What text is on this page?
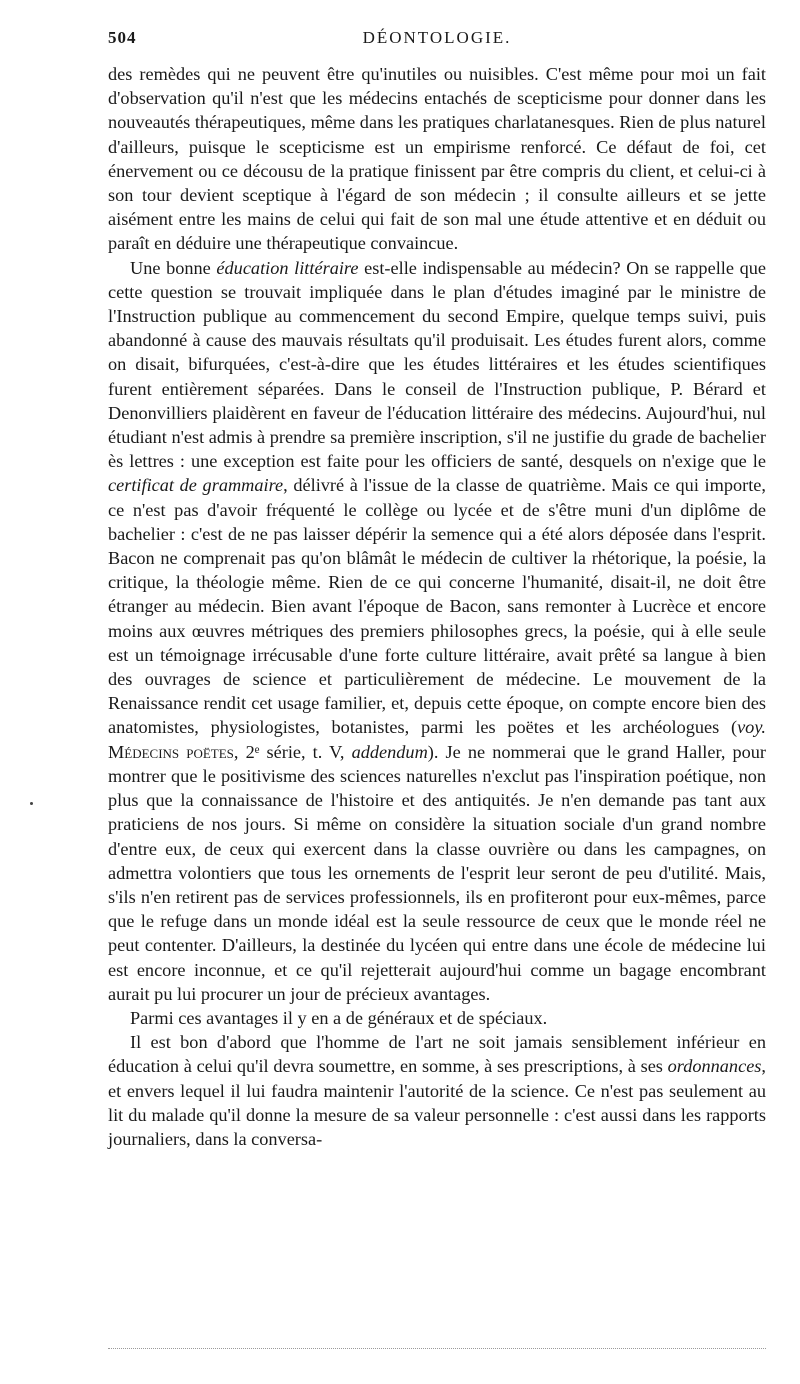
504	DÉONTOLOGIE.

des remèdes qui ne peuvent être qu'inutiles ou nuisibles. C'est même pour moi un fait d'observation qu'il n'est que les médecins entachés de scepticisme pour donner dans les nouveautés thérapeutiques, même dans les pratiques charlatanesques. Rien de plus naturel d'ailleurs, puisque le scepticisme est un empirisme renforcé. Ce défaut de foi, cet énervement ou ce décousu de la pratique finissent par être compris du client, et celui-ci à son tour devient sceptique à l'égard de son médecin ; il consulte ailleurs et se jette aisément entre les mains de celui qui fait de son mal une étude attentive et en déduit ou paraît en déduire une thérapeutique convaincue.

Une bonne éducation littéraire est-elle indispensable au médecin? On se rappelle que cette question se trouvait impliquée dans le plan d'études imaginé par le ministre de l'Instruction publique au commencement du second Empire, quelque temps suivi, puis abandonné à cause des mauvais résultats qu'il produisait. Les études furent alors, comme on disait, bifurquées, c'est-à-dire que les études littéraires et les études scientifiques furent entièrement séparées. Dans le conseil de l'Instruction publique, P. Bérard et Denonvilliers plaidèrent en faveur de l'éducation littéraire des médecins. Aujourd'hui, nul étudiant n'est admis à prendre sa première inscription, s'il ne justifie du grade de bachelier ès lettres : une exception est faite pour les officiers de santé, desquels on n'exige que le certificat de grammaire, délivré à l'issue de la classe de quatrième. Mais ce qui importe, ce n'est pas d'avoir fréquenté le collège ou lycée et de s'être muni d'un diplôme de bachelier : c'est de ne pas laisser dépérir la semence qui a été alors déposée dans l'esprit. Bacon ne comprenait pas qu'on blâmât le médecin de cultiver la rhétorique, la poésie, la critique, la théologie même. Rien de ce qui concerne l'humanité, disait-il, ne doit être étranger au médecin. Bien avant l'époque de Bacon, sans remonter à Lucrèce et encore moins aux œuvres métriques des premiers philosophes grecs, la poésie, qui à elle seule est un témoignage irrécusable d'une forte culture littéraire, avait prêté sa langue à bien des ouvrages de science et particulièrement de médecine. Le mouvement de la Renaissance rendit cet usage familier, et, depuis cette époque, on compte encore bien des anatomistes, physiologistes, botanistes, parmi les poëtes et les archéologues (voy. Médecins poëtes, 2ᵉ série, t. V, addendum). Je ne nommerai que le grand Haller, pour montrer que le positivisme des sciences naturelles n'exclut pas l'inspiration poétique, non plus que la connaissance de l'histoire et des antiquités. Je n'en demande pas tant aux praticiens de nos jours. Si même on considère la situation sociale d'un grand nombre d'entre eux, de ceux qui exercent dans la classe ouvrière ou dans les campagnes, on admettra volontiers que tous les ornements de l'esprit leur seront de peu d'utilité. Mais, s'ils n'en retirent pas de services professionnels, ils en profiteront pour eux-mêmes, parce que le refuge dans un monde idéal est la seule ressource de ceux que le monde réel ne peut contenter. D'ailleurs, la destinée du lycéen qui entre dans une école de médecine lui est encore inconnue, et ce qu'il rejetterait aujourd'hui comme un bagage encombrant aurait pu lui procurer un jour de précieux avantages.

Parmi ces avantages il y en a de généraux et de spéciaux.

Il est bon d'abord que l'homme de l'art ne soit jamais sensiblement inférieur en éducation à celui qu'il devra soumettre, en somme, à ses prescriptions, à ses ordonnances, et envers lequel il lui faudra maintenir l'autorité de la science. Ce n'est pas seulement au lit du malade qu'il donne la mesure de sa valeur personnelle : c'est aussi dans les rapports journaliers, dans la conversa-
